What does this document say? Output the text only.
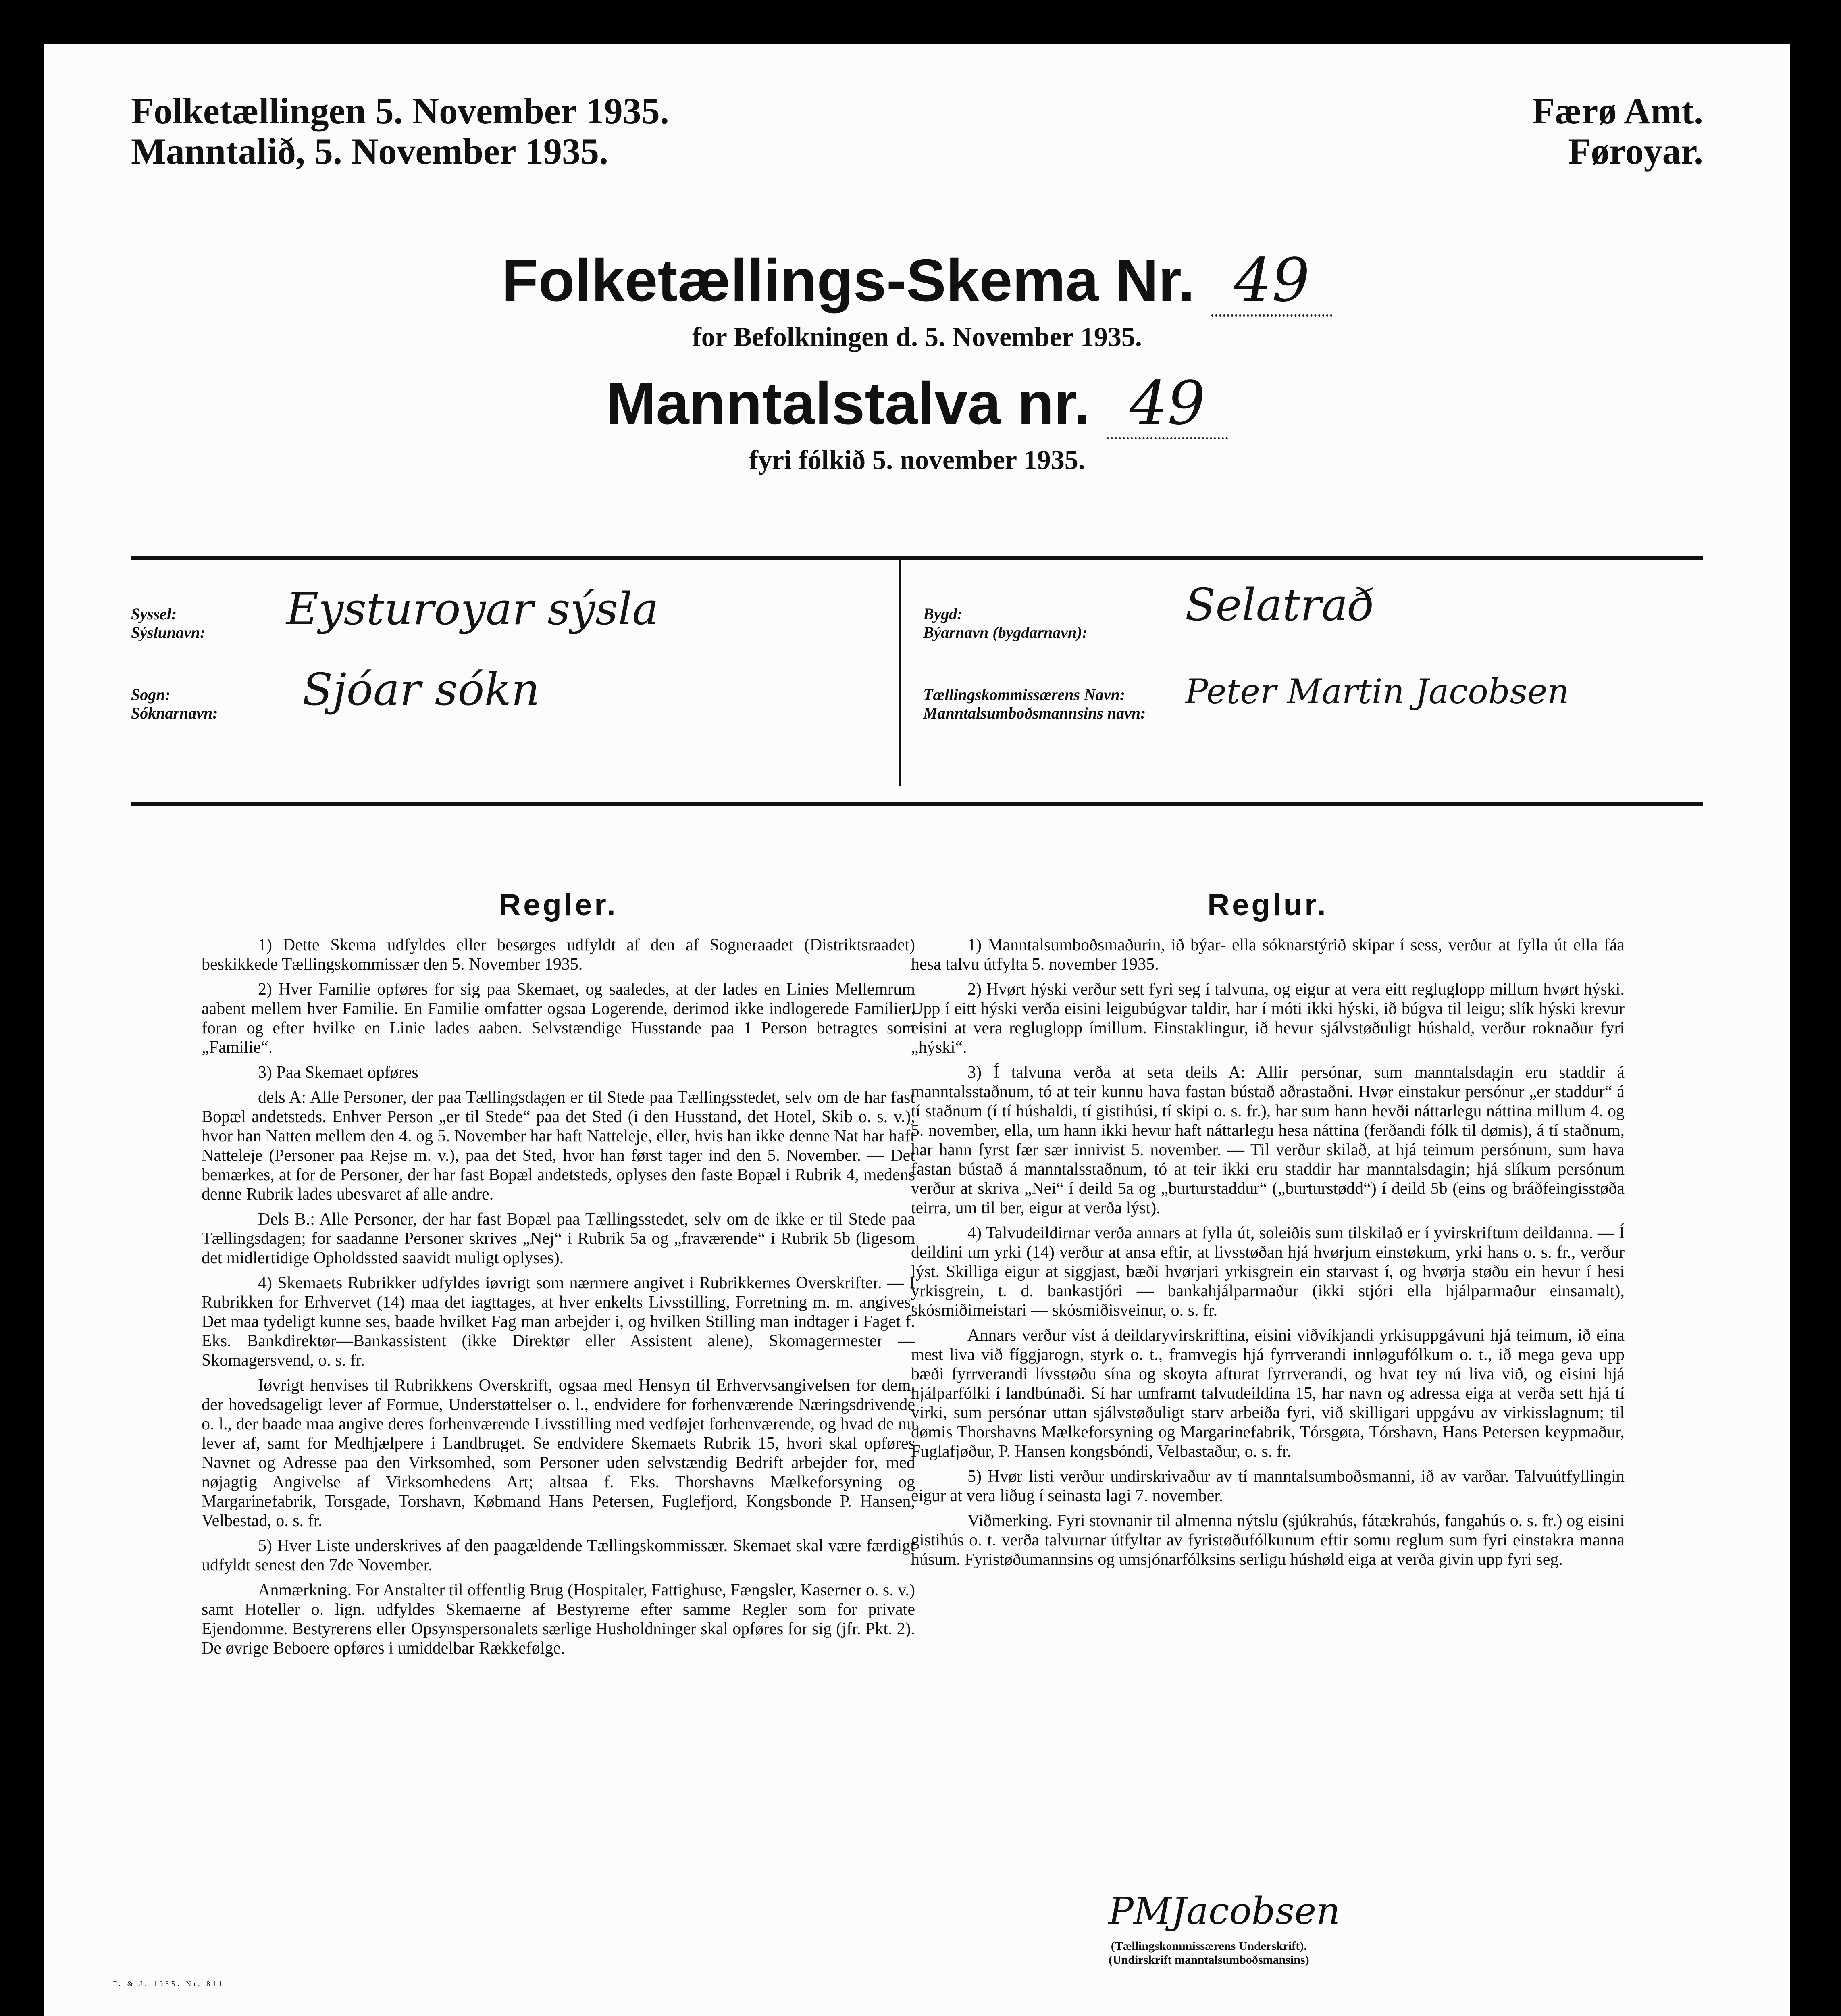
Folketællingen 5. November 1935.
Manntalið, 5. November 1935.
Færø Amt.
Føroyar.
Folketællings-Skema Nr. 49
for Befolkningen d. 5. November 1935.
Manntalstalva nr. 49
fyri fólkið 5. november 1935.
Syssel:
Sýslunavn: Eysturoyar sýsla
Sogn:
Sóknarnavn: Sjóar sókn
Bygd:
Býarnavn (bygdarnavn):
Selatrað
Tællingskommissærens Navn:
Manntalsumboðsmannsins navn:
Peter Martin Jacobsen
Regler.

1) Dette Skema udfyldes eller besørges udfyldt af den af Sogneraadet (Distriktsraadet) beskikkede Tællingskommissær den 5. November 1935.

2) Hver Familie opføres for sig paa Skemaet, og saaledes, at der lades en Linies Mellemrum aabent mellem hver Familie. En Familie omfatter ogsaa Logerende, derimod ikke indlogerede Familier, foran og efter hvilke en Linie lades aaben. Selvstændige Husstande paa 1 Person betragtes som „Familie“.

3) Paa Skemaet opføres

dels A: Alle Personer, der paa Tællingsdagen er til Stede paa Tællingsstedet, selv om de har fast Bopæl andetsteds. Enhver Person „er til Stede“ paa det Sted (i den Husstand, det Hotel, Skib o. s. v.), hvor han Natten mellem den 4. og 5. November har haft Natteleje, eller, hvis han ikke denne Nat har haft Natteleje (Personer paa Rejse m. v.), paa det Sted, hvor han først tager ind den 5. November. — Det bemærkes, at for de Personer, der har fast Bopæl andetsteds, oplyses den faste Bopæl i Rubrik 4, medens denne Rubrik lades ubesvaret af alle andre.

Dels B.: Alle Personer, der har fast Bopæl paa Tællingsstedet, selv om de ikke er til Stede paa Tællingsdagen; for saadanne Personer skrives „Nej“ i Rubrik 5a og „fraværende“ i Rubrik 5b (ligesom det midlertidige Opholdssted saavidt muligt oplyses).

4) Skemaets Rubrikker udfyldes iøvrigt som nærmere angivet i Rubrikkernes Overskrifter. — I Rubrikken for Erhvervet (14) maa det iagttages, at hver enkelts Livsstilling, Forretning m. m. angives. Det maa tydeligt kunne ses, baade hvilket Fag man arbejder i, og hvilken Stilling man indtager i Faget f. Eks. Bankdirektør—Bankassistent (ikke Direktør eller Assistent alene), Skomagermester — Skomagersvend, o. s. fr.

Iøvrigt henvises til Rubrikkens Overskrift, ogsaa med Hensyn til Erhvervsangivelsen for dem, der hovedsageligt lever af Formue, Understøttelser o. l., endvidere for forhenværende Næringsdrivende o. l., der baade maa angive deres forhenværende Livsstilling med vedføjet forhenværende, og hvad de nu lever af, samt for Medhjælpere i Landbruget. Se endvidere Skemaets Rubrik 15, hvori skal opføres Navnet og Adresse paa den Virksomhed, som Personer uden selvstændig Bedrift arbejder for, med nøjagtig Angivelse af Virksomhedens Art; altsaa f. Eks. Thorshavns Mælkeforsyning og Margarinefabrik, Torsgade, Torshavn, Købmand Hans Petersen, Fuglefjord, Kongsbonde P. Hansen, Velbestad, o. s. fr.

5) Hver Liste underskrives af den paagældende Tællingskommissær. Skemaet skal være færdigt udfyldt senest den 7de November.

Anmærkning. For Anstalter til offentlig Brug (Hospitaler, Fattighuse, Fængsler, Kaserner o. s. v.) samt Hoteller o. lign. udfyldes Skemaerne af Bestyrerne efter samme Regler som for private Ejendomme. Bestyrerens eller Opsynspersonalets særlige Husholdninger skal opføres for sig (jfr. Pkt. 2). De øvrige Beboere opføres i umiddelbar Rækkefølge.

Reglur.

1) Manntalsumboðsmaðurin, ið býar- ella sóknarstýrið skipar í sess, verður at fylla út ella fáa hesa talvu útfylta 5. november 1935.

2) Hvørt hýski verður sett fyri seg í talvuna, og eigur at vera eitt regluglopp millum hvørt hýski. Upp í eitt hýski verða eisini leigubúgvar taldir, har í móti ikki hýski, ið búgva til leigu; slík hýski krevur eisini at vera regluglopp ímillum. Einstaklingur, ið hevur sjálvstøðuligt húshald, verður roknaður fyri „hýski“.

3) Í talvuna verða at seta deils A: Allir persónar, sum manntalsdagin eru staddir á manntalsstaðnum, tó at teir kunnu hava fastan bústað aðrastaðni. Hvør einstakur persónur „er staddur“ á tí staðnum (í tí húshaldi, tí gistihúsi, tí skipi o. s. fr.), har sum hann hevði náttarlegu náttina millum 4. og 5. november, ella, um hann ikki hevur haft náttarlegu hesa náttina (ferðandi fólk til dømis), á tí staðnum, har hann fyrst fær sær innivist 5. november. — Til verður skilað, at hjá teimum persónum, sum hava fastan bústað á manntalsstaðnum, tó at teir ikki eru staddir har manntalsdagin; hjá slíkum persónum verður at skriva „Nei“ í deild 5a og „burturstaddur“ („burturstødd“) í deild 5b (eins og bráðfeingisstøða teirra, um til ber, eigur at verða lýst).

4) Talvudeildirnar verða annars at fylla út, soleiðis sum tilskilað er í yvirskriftum deildanna. — Í deildini um yrki (14) verður at ansa eftir, at livsstøðan hjá hvørjum einstøkum, yrki hans o. s. fr., verður lýst. Skilliga eigur at siggjast, bæði hvørjari yrkisgrein ein starvast í, og hvørja støðu ein hevur í hesi yrkisgrein, t. d. bankastjóri — bankahjálparmaður (ikki stjóri ella hjálparmaður einsamalt), skósmiðimeistari — skósmiðisveinur, o. s. fr.

Annars verður víst á deildaryvirskriftina, eisini viðvíkjandi yrkisuppgávuni hjá teimum, ið eina mest liva við fíggjarogn, styrk o. t., framvegis hjá fyrrverandi innløgufólkum o. t., ið mega geva upp bæði fyrrverandi lívsstøðu sína og skoyta afturat fyrrverandi, og hvat tey nú liva við, og eisini hjá hjálparfólki í landbúnaði. Sí har umframt talvudeildina 15, har navn og adressa eiga at verða sett hjá tí virki, sum persónar uttan sjálvstøðuligt starv arbeiða fyri, við skilligari uppgávu av virkisslagnum; til dømis Thorshavns Mælkeforsyning og Margarinefabrik, Tórsgøta, Tórshavn, Hans Petersen keypmaður, Fuglafjøður, P. Hansen kongsbóndi, Velbastaður, o. s. fr.

5) Hvør listi verður undirskrivaður av tí manntalsumboðsmanni, ið av varðar. Talvuútfyllingin eigur at vera liðug í seinasta lagi 7. november.

Viðmerking. Fyri stovnanir til almenna nýtslu (sjúkrahús, fátækrahús, fangahús o. s. fr.) og eisini gistihús o. t. verða talvurnar útfyltar av fyristøðufólkunum eftir somu reglum sum fyri einstakra manna húsum. Fyristøðumannsins og umsjónarfólksins serligu húshøld eiga at verða givin upp fyri seg.

PMJacobsen
(Tællingskommissærens Underskrift).
(Undirskrift manntalsumboðsmansins)
F. & J. 1935. Nr. 811
